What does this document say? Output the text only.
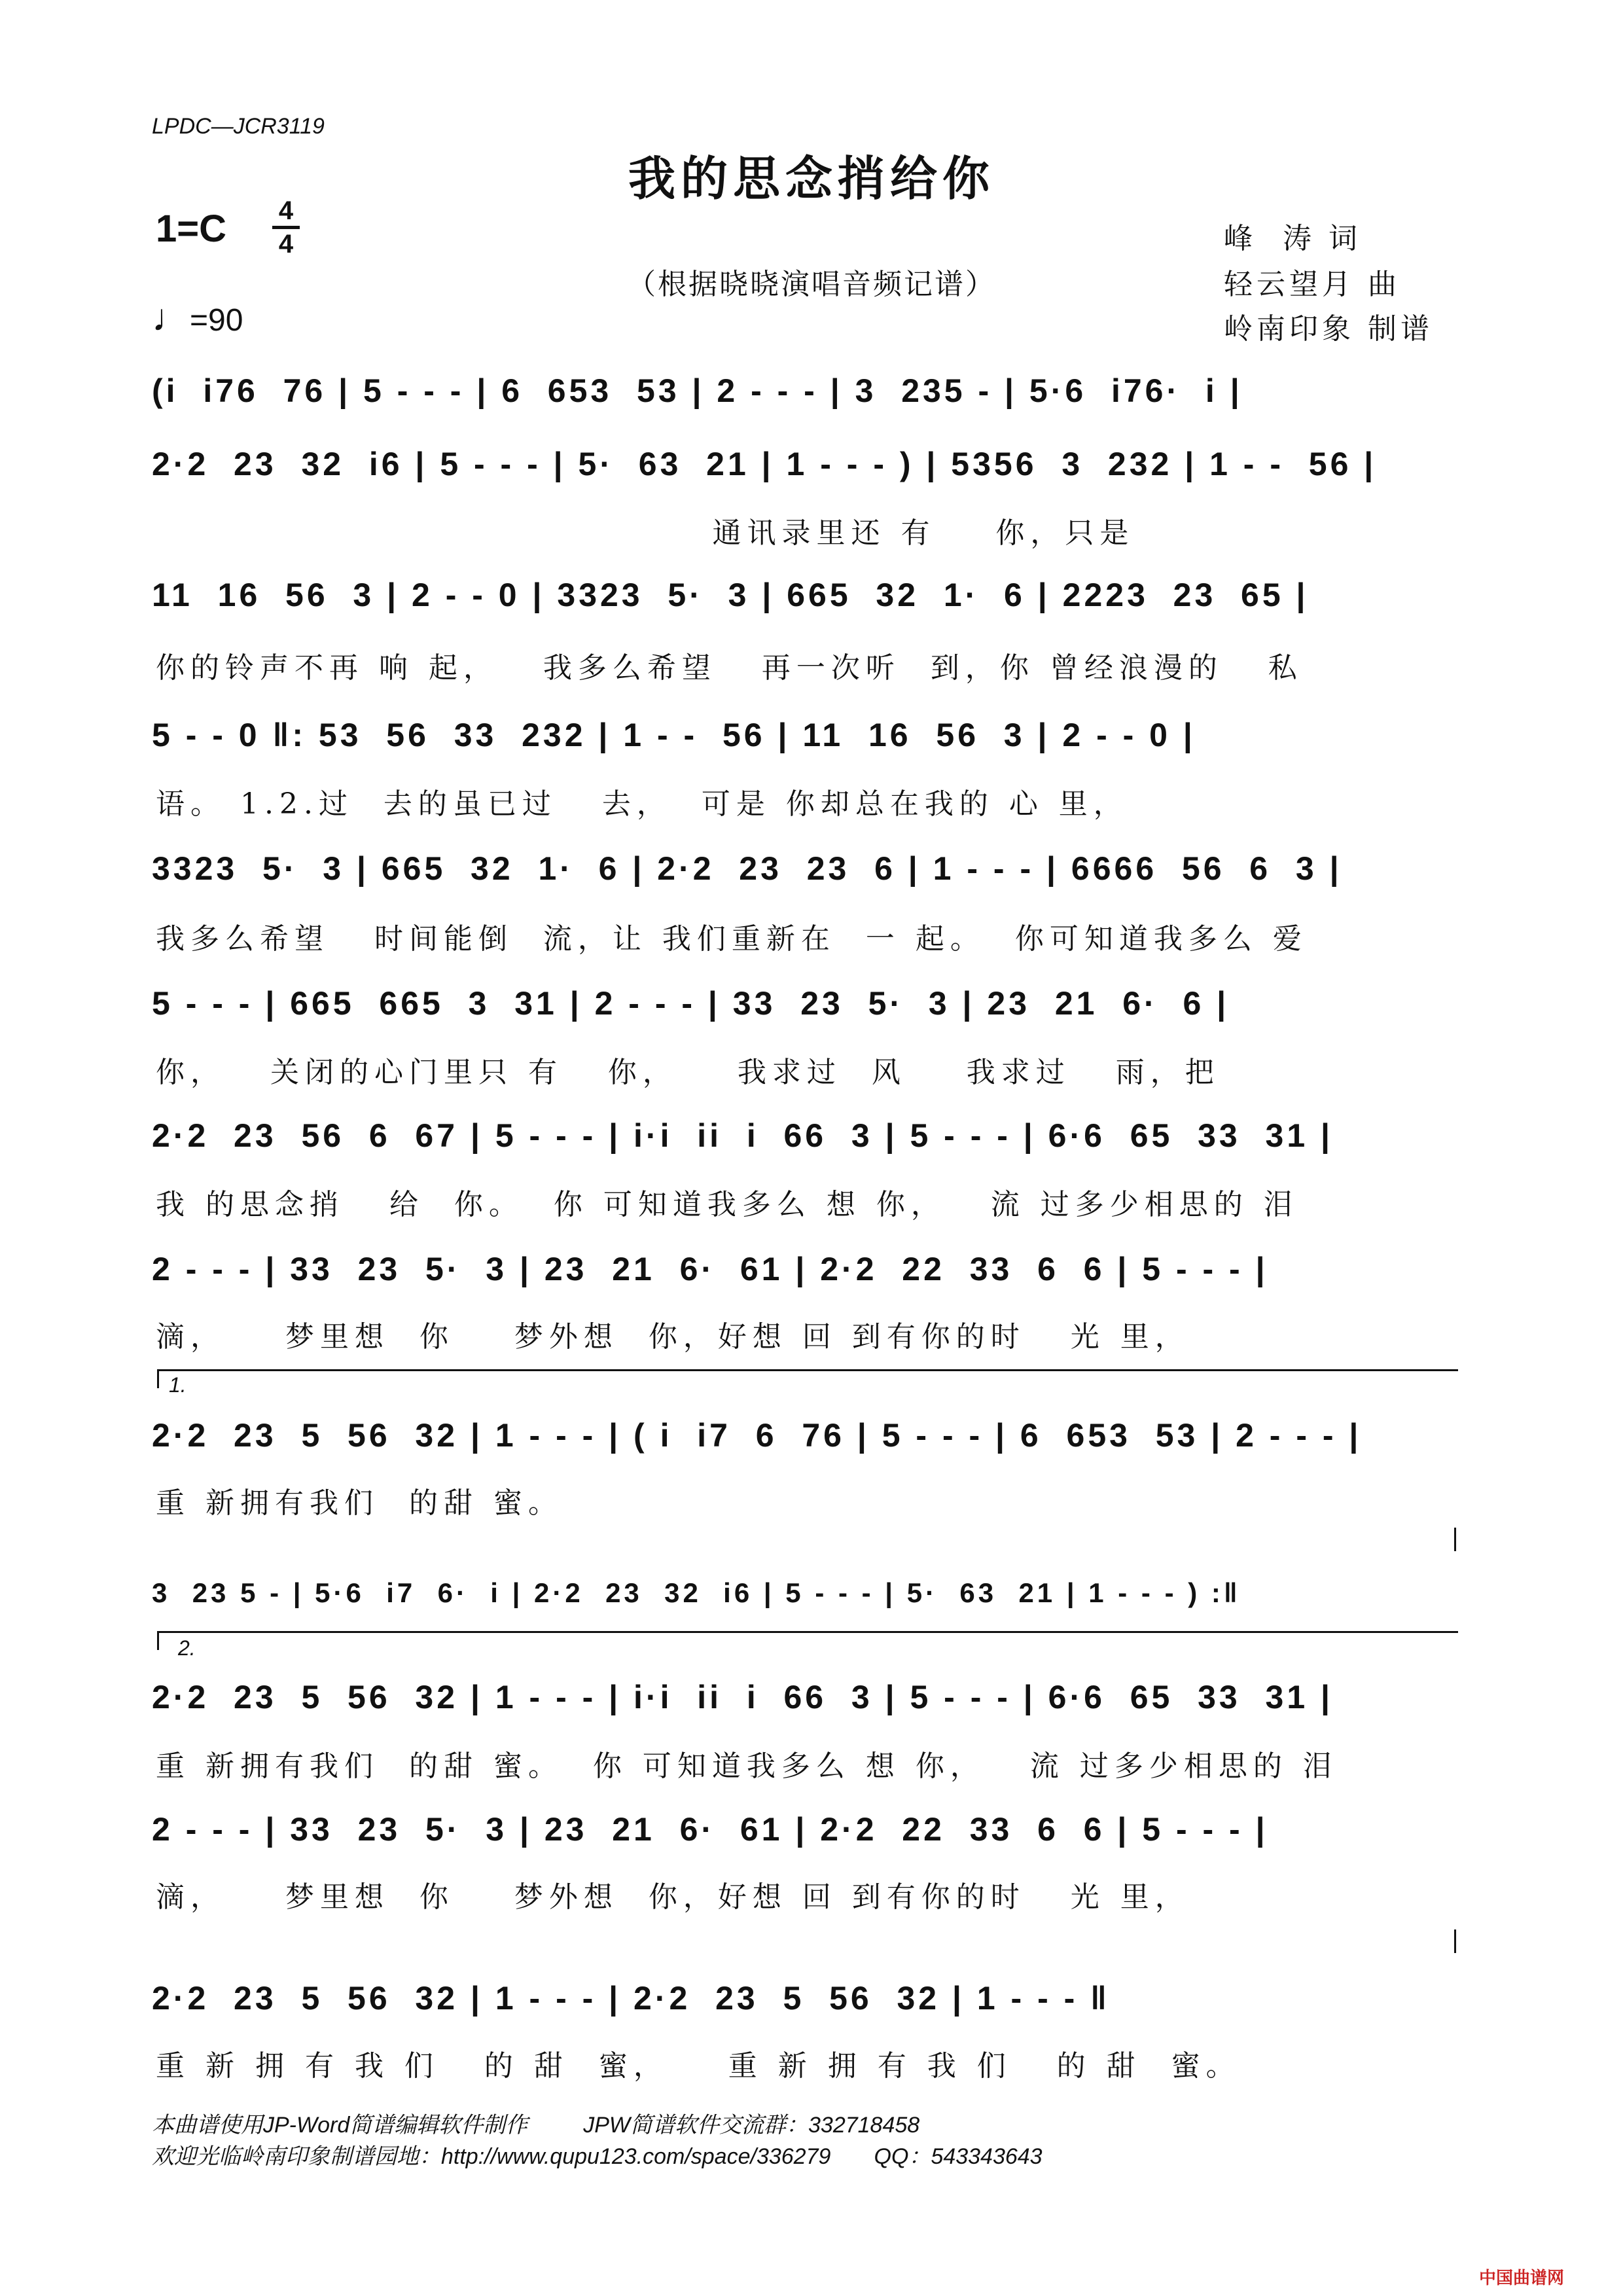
LPDC—JCR3119
我的思念捎给你
1=C	4
4
（根据晓晓演唱音频记谱）
♩=90
峰  涛 词
轻云望月 曲
岭南印象 制谱
(i  i76  76 | 5 - - - | 6  653  53 | 2 - - - | 3  235 - | 5·6  i76·  i |
2·2  23  32  i6 | 5 - - - | 5·  63  21 | 1 - - - ) | 5356  3  232 | 1 - -  56 |
通讯录里还 有    你，只是
11  16  56  3 | 2 - - 0 | 3323  5·  3 | 665  32  1·  6 | 2223  23  65 |
你的铃声不再 响 起，   我多么希望   再一次听  到，你 曾经浪漫的   私
5 - - 0 ‖: 53  56  33  232 | 1 - -  56 | 11  16  56  3 | 2 - - 0 |
语。 1.2.过  去的虽已过   去，  可是 你却总在我的 心 里，
3323  5·  3 | 665  32  1·  6 | 2·2  23  23  6 | 1 - - - | 6666  56  6  3 |
我多么希望   时间能倒  流，让 我们重新在  一 起。  你可知道我多么 爱
5 - - - | 665  665  3  31 | 2 - - - | 33  23  5·  3 | 23  21  6·  6 |
你，   关闭的心门里只 有   你，    我求过  风    我求过   雨，把
2·2  23  56  6  67 | 5 - - - | i·i  ii  i  66  3 | 5 - - - | 6·6  65  33  31 |
我 的思念捎   给  你。  你 可知道我多么 想 你，   流 过多少相思的 泪
2 - - - | 33  23  5·  3 | 23  21  6·  61 | 2·2  22  33  6  6 | 5 - - - |
滴，    梦里想  你    梦外想  你，好想 回 到有你的时   光 里，
1.
2·2  23  5  56  32 | 1 - - - | ( i  i7  6  76 | 5 - - - | 6  653  53 | 2 - - - |
重 新拥有我们  的甜 蜜。
3  23 5 - | 5·6  i7  6·  i | 2·2  23  32  i6 | 5 - - - | 5·  63  21 | 1 - - - ) :‖
2.
2·2  23  5  56  32 | 1 - - - | i·i  ii  i  66  3 | 5 - - - | 6·6  65  33  31 |
重 新拥有我们  的甜 蜜。  你 可知道我多么 想 你，   流 过多少相思的 泪
2 - - - | 33  23  5·  3 | 23  21  6·  61 | 2·2  22  33  6  6 | 5 - - - |
滴，    梦里想  你    梦外想  你，好想 回 到有你的时   光 里，
2·2  23  5  56  32 | 1 - - - | 2·2  23  5  56  32 | 1 - - - ‖
重 新 拥 有 我 们   的 甜  蜜，    重 新 拥 有 我 们   的 甜  蜜。
本曲谱使用JP-Word简谱编辑软件制作         JPW简谱软件交流群：332718458
欢迎光临岭南印象制谱园地：http://www.qupu123.com/space/336279       QQ：543343643
中国曲谱网
